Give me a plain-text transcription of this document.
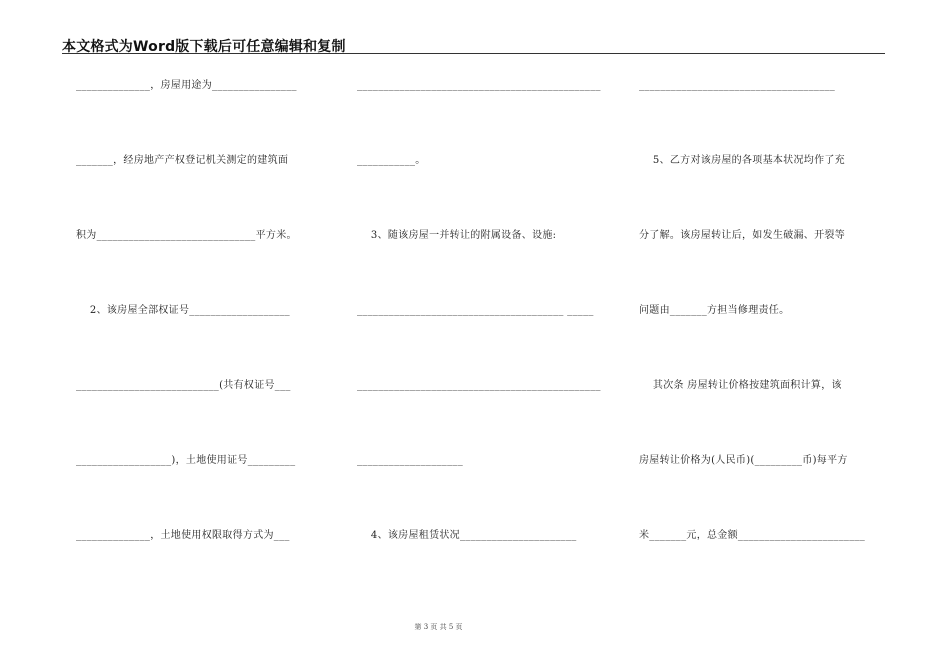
本文格式为Word版下载后可任意编辑和复制
______________，房屋用途为________________
_______，经房地产产权登记机关测定的建筑面
积为______________________________平方米。
2、该房屋全部权证号___________________
___________________________(共有权证号___
__________________)，土地使用证号_________
______________，土地使用权限取得方式为___
______________________________________________
___________。
3、随该房屋一并转让的附属设备、设施:
_______________________________________ _____
______________________________________________
____________________
4、该房屋租赁状况______________________
_____________________________________
5、乙方对该房屋的各项基本状况均作了充
分了解。该房屋转让后，如发生破漏、开裂等
问题由_______方担当修理责任。
其次条 房屋转让价格按建筑面积计算，该
房屋转让价格为(人民币)(_________币)每平方
米_______元，总金额________________________
第 3 页 共 5 页
